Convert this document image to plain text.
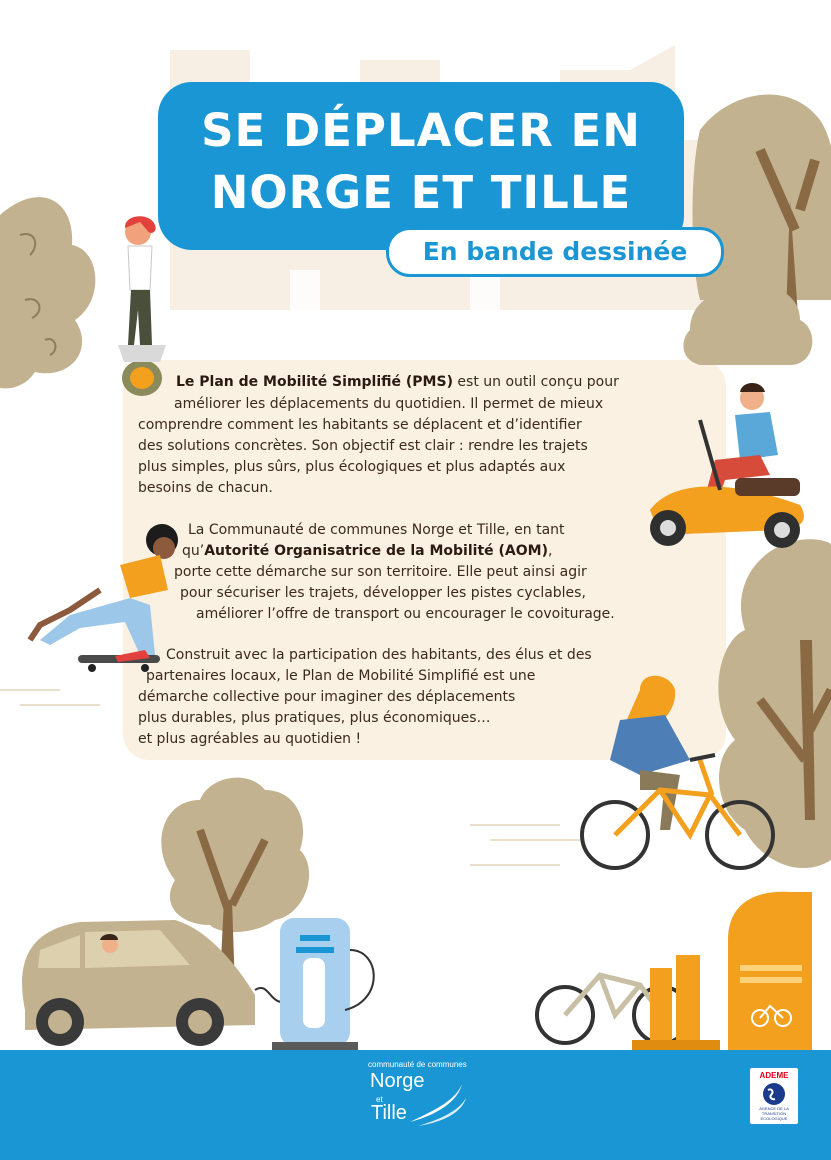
SE DÉPLACER EN
NORGE ET TILLE
En bande dessinée
Le Plan de Mobilité Simplifié (PMS) est un outil conçu pour
améliorer les déplacements du quotidien. Il permet de mieux
comprendre comment les habitants se déplacent et d’identifier
des solutions concrètes. Son objectif est clair : rendre les trajets
plus simples, plus sûrs, plus écologiques et plus adaptés aux
besoins de chacun.
La Communauté de communes Norge et Tille, en tant
qu’Autorité Organisatrice de la Mobilité (AOM),
porte cette démarche sur son territoire. Elle peut ainsi agir
pour sécuriser les trajets, développer les pistes cyclables,
améliorer l’offre de transport ou encourager le covoiturage.
Construit avec la participation des habitants, des élus et des
partenaires locaux, le Plan de Mobilité Simplifié est une
démarche collective pour imaginer des déplacements
plus durables, plus pratiques, plus économiques…
et plus agréables au quotidien !
communauté de communes
Norge
et
Tille
ADEME
AGENCE DE LA TRANSITION ÉCOLOGIQUE
